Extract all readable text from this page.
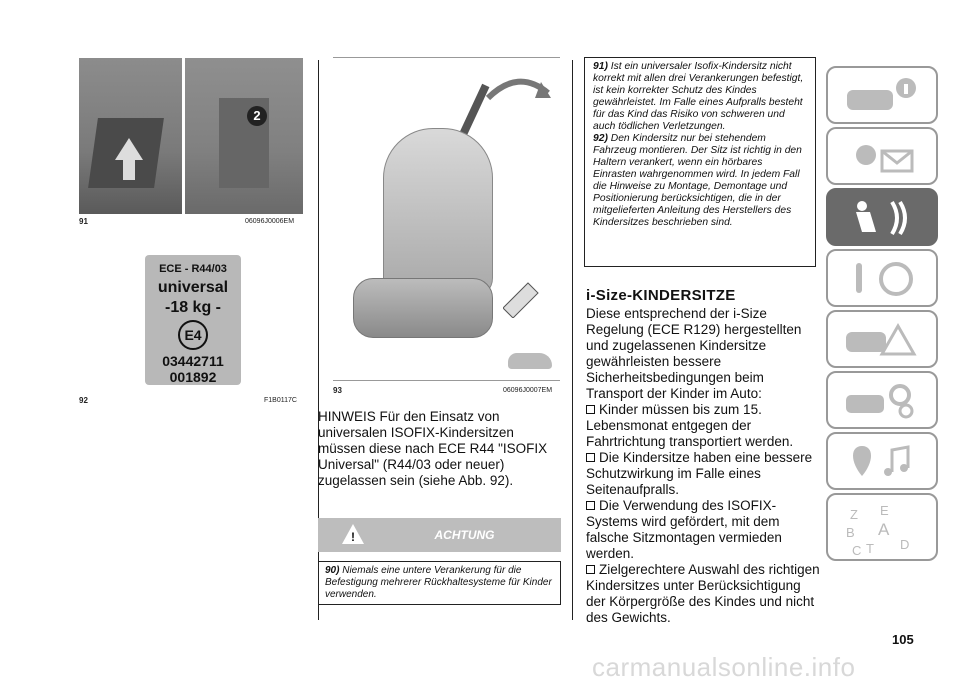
2
91	06096J0006EM
ECE - R44/03
universal
-18 kg -
E4
03442711
001892
92	F1B0117C
93	06096J0007EM
HINWEIS Für den Einsatz von universalen ISOFIX-Kindersitzen müssen diese nach ECE R44 "ISOFIX Universal" (R44/03 oder neuer) zugelassen sein (siehe Abb. 92).
!	ACHTUNG
90) Niemals eine untere Verankerung für die Befestigung mehrerer Rückhaltesysteme für Kinder verwenden.
91) Ist ein universaler Isofix-Kindersitz nicht korrekt mit allen drei Verankerungen befestigt, ist kein korrekter Schutz des Kindes gewährleistet. Im Falle eines Aufpralls besteht für das Kind das Risiko von schweren und auch tödlichen Verletzungen.
92) Den Kindersitz nur bei stehendem Fahrzeug montieren. Der Sitz ist richtig in den Haltern verankert, wenn ein hörbares Einrasten wahrgenommen wird. In jedem Fall die Hinweise zu Montage, Demontage und Positionierung berücksichtigen, die in der mitgelieferten Anleitung des Herstellers des Kindersitzes beschrieben sind.
i-Size-KINDERSITZE
Diese entsprechend der i-Size Regelung (ECE R129) hergestellten und zugelassenen Kindersitze gewährleisten bessere Sicherheitsbedingungen beim Transport der Kinder im Auto:
Kinder müssen bis zum 15. Lebensmonat entgegen der Fahrtrichtung transportiert werden.
Die Kindersitze haben eine bessere Schutzwirkung im Falle eines Seitenaufpralls.
Die Verwendung des ISOFIX-Systems wird gefördert, mit dem falsche Sitzmontagen vermieden werden.
Zielgerechtere Auswahl des richtigen Kindersitzes unter Berücksichtigung der Körpergröße des Kindes und nicht des Gewichts.
Z E
B A
C T D
105
carmanualsonline.info
